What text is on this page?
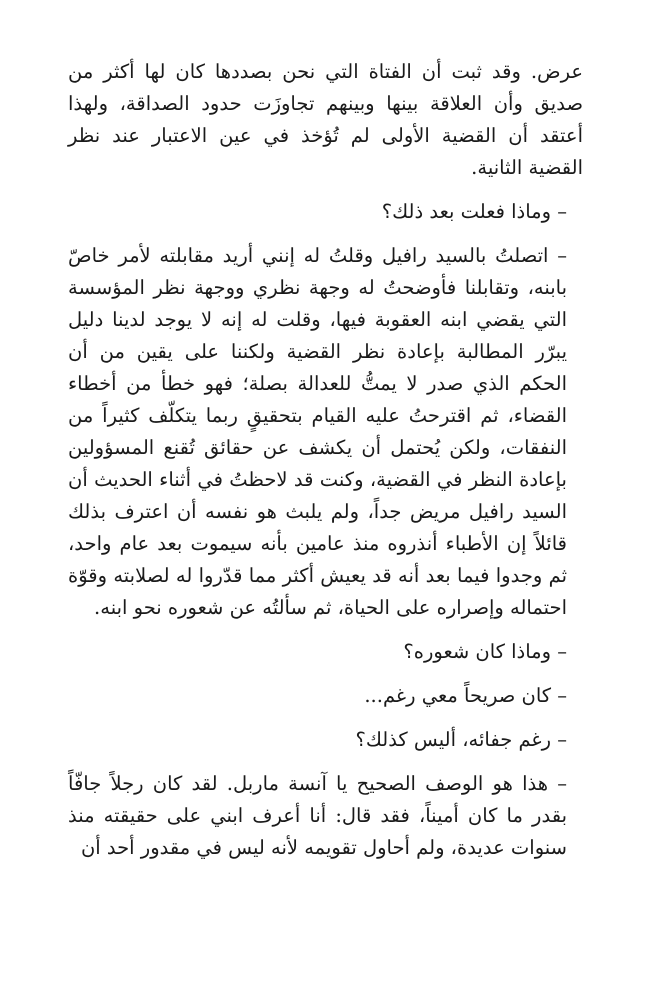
عرض. وقد ثبت أن الفتاة التي نحن بصددها كان لها أكثر من صديق وأن العلاقة بينها وبينهم تجاوزَت حدود الصداقة، ولهذا أعتقد أن القضية الأولى لم تُؤخذ في عين الاعتبار عند نظر القضية الثانية.

– وماذا فعلت بعد ذلك؟

– اتصلتُ بالسيد رافيل وقلتُ له إنني أريد مقابلته لأمر خاصّ بابنه، وتقابلنا فأوضحتُ له وجهة نظري ووجهة نظر المؤسسة التي يقضي ابنه العقوبة فيها، وقلت له إنه لا يوجد لدينا دليل يبرّر المطالبة بإعادة نظر القضية ولكننا على يقين من أن الحكم الذي صدر لا يمتُّ للعدالة بصلة؛ فهو خطأ من أخطاء القضاء، ثم اقترحتُ عليه القيام بتحقيقٍ ربما يتكلّف كثيراً من النفقات، ولكن يُحتمل أن يكشف عن حقائق تُقنع المسؤولين بإعادة النظر في القضية، وكنت قد لاحظتُ في أثناء الحديث أن السيد رافيل مريض جداً، ولم يلبث هو نفسه أن اعترف بذلك قائلاً إن الأطباء أنذروه منذ عامين بأنه سيموت بعد عام واحد، ثم وجدوا فيما بعد أنه قد يعيش أكثر مما قدّروا له لصلابته وقوّة احتماله وإصراره على الحياة، ثم سألتُه عن شعوره نحو ابنه.

– وماذا كان شعوره؟

– كان صريحاً معي رغم...

– رغم جفائه، أليس كذلك؟

– هذا هو الوصف الصحيح يا آنسة ماربل. لقد كان رجلاً جافّاً بقدر ما كان أميناً، فقد قال: أنا أعرف ابني على حقيقته منذ سنوات عديدة، ولم أحاول تقويمه لأنه ليس في مقدور أحد أن
